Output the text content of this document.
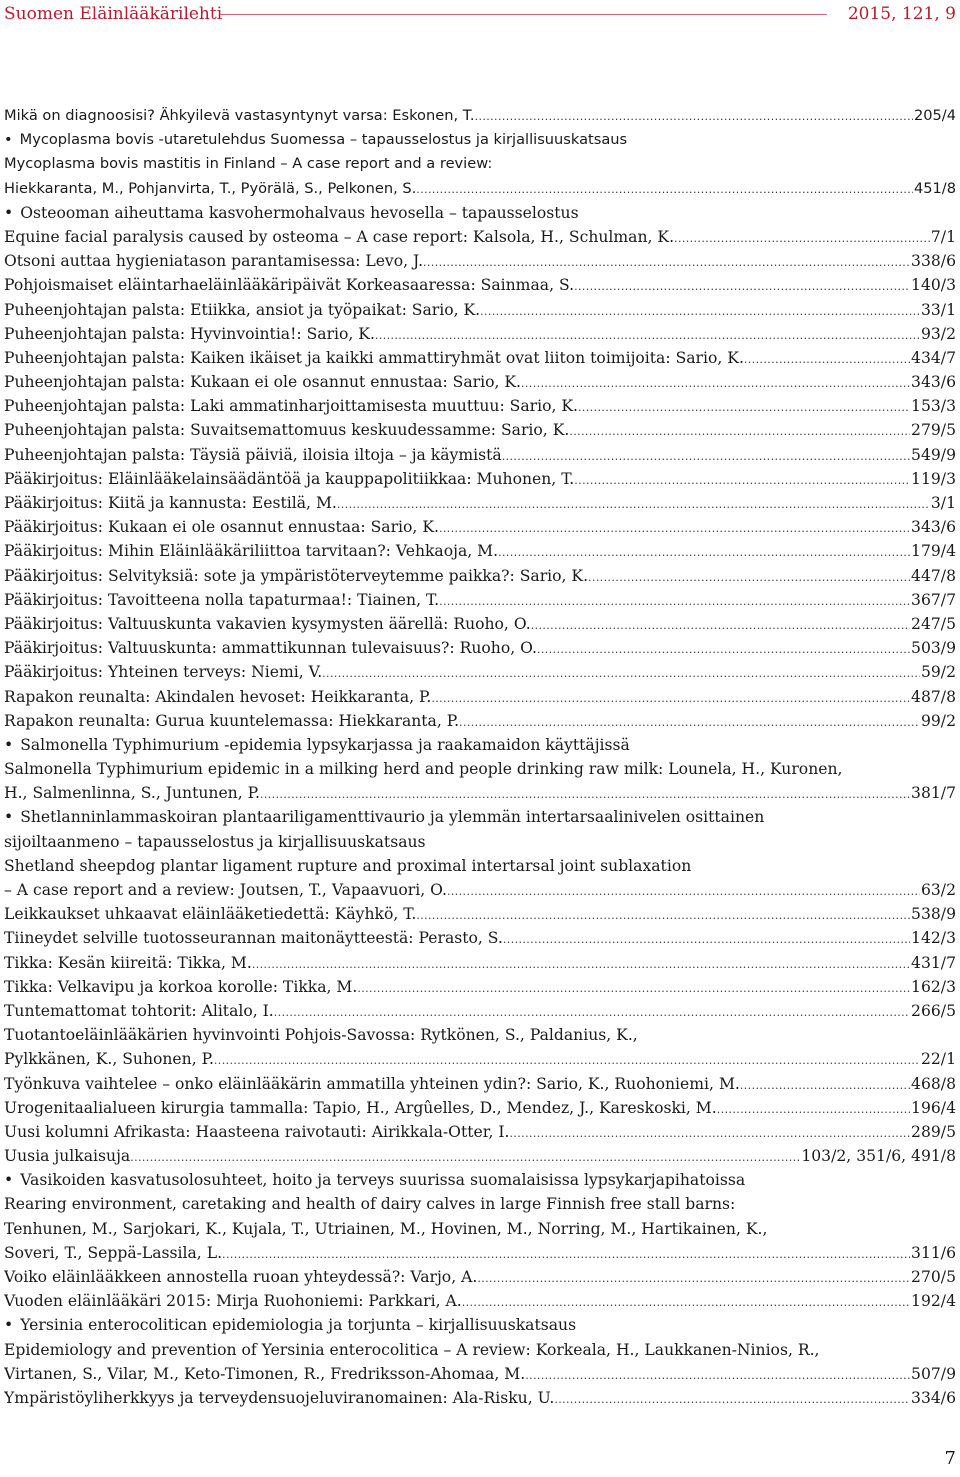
Suomen Eläinlääkärilehti	2015, 121, 9
Mikä on diagnoosisi? Ähkyilevä vastasyntynyt varsa: Eskonen, T. .....	205/4
• Mycoplasma bovis -utaretulehdus Suomessa – tapausselostus ja kirjallisuuskatsaus
Mycoplasma bovis mastitis in Finland – A case report and a review:
Hiekkaranta, M., Pohjanvirta, T., Pyörälä, S., Pelkonen, S. .....	451/8
• Osteooman aiheuttama kasvohermohalvaus hevosella – tapausselostus
Equine facial paralysis caused by osteoma – A case report: Kalsola, H., Schulman, K. .....	7/1
Otsoni auttaa hygieniatason parantamisessa: Levo, J. .....	338/6
Pohjoismaiset eläintarhaeläinlääkäripäivät Korkeasaaressa: Sainmaa, S. .....	140/3
Puheenjohtajan palsta: Etiikka, ansiot ja työpaikat: Sario, K. .....	33/1
Puheenjohtajan palsta: Hyvinvointia!: Sario, K. .....	93/2
Puheenjohtajan palsta: Kaiken ikäiset ja kaikki ammattiryhmät ovat liiton toimijoita: Sario, K. .....	434/7
Puheenjohtajan palsta: Kukaan ei ole osannut ennustaa: Sario, K. .....	343/6
Puheenjohtajan palsta: Laki ammatinharjoittamisesta muuttuu: Sario, K. .....	153/3
Puheenjohtajan palsta: Suvaitsemattomuus keskuudessamme: Sario, K. .....	279/5
Puheenjohtajan palsta: Täysiä päiviä, iloisia iltoja – ja käymistä .....	549/9
Pääkirjoitus: Eläinlääkelainsäädäntöä ja kauppapolitiikkaa: Muhonen, T. .....	119/3
Pääkirjoitus: Kiitä ja kannusta: Eestilä, M. .....	3/1
Pääkirjoitus: Kukaan ei ole osannut ennustaa: Sario, K. .....	343/6
Pääkirjoitus: Mihin Eläinlääkäriliittoa tarvitaan?: Vehkaoja, M. .....	179/4
Pääkirjoitus: Selvityksiä: sote ja ympäristöterveytemme paikka?: Sario, K. .....	447/8
Pääkirjoitus: Tavoitteena nolla tapaturmaa!: Tiainen, T. .....	367/7
Pääkirjoitus: Valtuuskunta vakavien kysymysten äärellä: Ruoho, O. .....	247/5
Pääkirjoitus: Valtuuskunta: ammattikunnan tulevaisuus?: Ruoho, O. .....	503/9
Pääkirjoitus: Yhteinen terveys: Niemi, V. .....	59/2
Rapakon reunalta: Akindalen hevoset: Heikkaranta, P. .....	487/8
Rapakon reunalta: Gurua kuuntelemassa: Hiekkaranta, P. .....	99/2
• Salmonella Typhimurium -epidemia lypsykarjassa ja raakamaidon käyttäjissä
Salmonella Typhimurium epidemic in a milking herd and people drinking raw milk: Lounela, H., Kuronen,
H., Salmenlinna, S., Juntunen, P. .....	381/7
• Shetlanninlammaskoiran plantaariligamenttivaurio ja ylemmän intertarsaalinivelen osittainen
sijoiltaanmeno – tapausselostus ja kirjallisuuskatsaus
Shetland sheepdog plantar ligament rupture and proximal intertarsal joint sublaxation
– A case report and a review: Joutsen, T., Vapaavuori, O. .....	63/2
Leikkaukset uhkaavat eläinlääketiedettä: Käyhkö, T. .....	538/9
Tiineydet selville tuotosseurannan maitonäytteestä: Perasto, S. .....	142/3
Tikka: Kesän kiireitä: Tikka, M. .....	431/7
Tikka: Velkavipu ja korkoa korolle: Tikka, M. .....	162/3
Tuntemattomat tohtorit: Alitalo, I. .....	266/5
Tuotantoeläinlääkärien hyvinvointi Pohjois-Savossa: Rytkönen, S., Paldanius, K.,
Pylkkänen, K., Suhonen, P. .....	22/1
Työnkuva vaihtelee – onko eläinlääkärin ammatilla yhteinen ydin?: Sario, K., Ruohoniemi, M. .....	468/8
Urogenitaalialueen kirurgia tammalla: Tapio, H., Argûelles, D., Mendez, J., Kareskoski, M. .....	196/4
Uusi kolumni Afrikasta: Haasteena raivotauti: Airikkala-Otter, I. .....	289/5
Uusia julkaisuja .....	103/2, 351/6, 491/8
• Vasikoiden kasvatusolosuhteet, hoito ja terveys suurissa suomalaisissa lypsykarjapihatoissa
Rearing environment, caretaking and health of dairy calves in large Finnish free stall barns:
Tenhunen, M., Sarjokari, K., Kujala, T., Utriainen, M., Hovinen, M., Norring, M., Hartikainen, K.,
Soveri, T., Seppä-Lassila, L. .....	311/6
Voiko eläinlääkkeen annostella ruoan yhteydessä?: Varjo, A. .....	270/5
Vuoden eläinlääkäri 2015: Mirja Ruohoniemi: Parkkari, A. .....	192/4
• Yersinia enterocolitican epidemiologia ja torjunta – kirjallisuuskatsaus
Epidemiology and prevention of Yersinia enterocolitica – A review: Korkeala, H., Laukkanen-Ninios, R.,
Virtanen, S., Vilar, M., Keto-Timonen, R., Fredriksson-Ahomaa, M. .....	507/9
Ympäristöyliherkkyys ja terveydensuojeluviranomainen: Ala-Risku, U. .....	334/6
7
